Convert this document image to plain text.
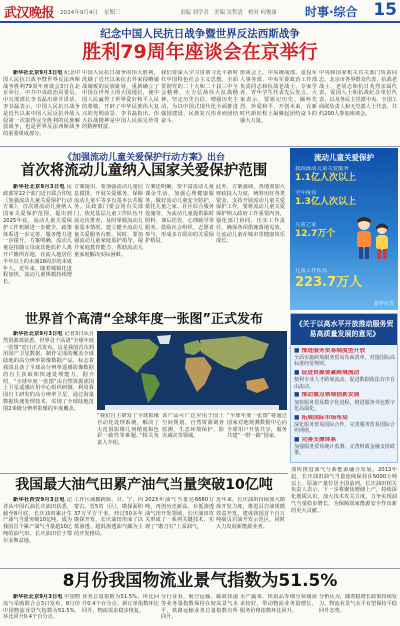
武汉晚报 2024年9月4日　星期三	责编 刘学君　美编 吴哲清　校对 何俊康 时事·综合 15
纪念中国人民抗日战争暨世界反法西斯战争
胜利79周年座谈会在京举行
新华社北京9月3日电 纪念中国人民抗日战争暨世界反法西斯战争胜利79周年座谈会3日在北京举行。中共中央政治局委员、中宣部部长李书磊出席并讲话。李书磊表示，中国人民抗日战争是近代以来中国人民反抗外敌入侵第一次取得完全胜利的民族解放战争，也是世界反法西斯战争的重要组成部分。
中国人民抗日战争的伟大胜利，洗刷了近代以来抗击外来侵略屡战屡败的民族耻辱，重新确立了中国在世界上的大国地位，使中国人民赢得了世界爱好和平人民的尊敬，开辟了中华民族伟大复兴的光明前景。李书磊指出，伟大抗战精神是中国人民弥足珍贵的精神财富。
我们要深入学习贯彻习近平新时代中国特色社会主义思想，全面贯彻党的二十大和二十届三中全会精神，大力弘扬伟大抗战精神，坚定历史自信、增强历史主动，为以中国式现代化全面推进强国建设、民族复兴伟业而团结奋斗。
座谈会上，中央统战部、退役军人事务部、中央军委政治工作部负责同志和抗战老战士、专家学者、青年学生代表先后发言。大家表示，要铭记历史、缅怀先烈、珍爱和平、开创未来，在新时代新征程上凝聚起团结奋斗的强大力量。
中央和国家机关有关部门负责同志，北京市各界群众代表，抗战老战士、老同志和抗日英烈亲属代表，爱国人士和抗战纪念单位代表，以及各民主党派中央、全国工商联负责人和无党派人士代表，共约200人参加座谈会。
《加强流动儿童关爱保护行动方案》出台
首次将流动儿童纳入国家关爱保护范围
新华社北京9月3日电 民政部等22个部门近日联合印发《加强流动儿童关爱保护行动方案》，首次将流动儿童纳入国家关爱保护范围，提出到2025年底，流动儿童关爱保护工作机制进一步健全，政策体系进一步完善，服务能力进一步提升。方案明确，流动儿童是指随父母或其他监护人离开户籍所在地，在流入地居住半年以上的未满18周岁的未成年人。近年来，随着城镇化进程加快，流动儿童规模持续增长。
方案提出，要加强流动儿童信息摸排，开展关爱服务，保障流动儿童平等享有基本公共服务。民政部门要会同有关部门，依托基层儿童工作队伍开展走访排查，及时掌握流动儿童基本情况，建立健全流动儿童关爱服务台账。同时，要加强流动儿童家庭监护指导，提升家庭教育能力，帮助流动儿童家庭解决实际困难。
方案还明确，要丰富流动儿童课余生活，加强心理健康服务，做好流动儿童安全防护，依托儿童之家、社区综合服务设施等，为流动儿童提供临时照料、课后托管、心理疏导等服务。鼓励社会组织、志愿者参与，形成多方联动的关爱保护格局。
此外，方案强调，各地要加大财政投入力度，统筹用好各类资金，支持开展流动儿童关爱保护工作。要将流动儿童关爱保护纳入政府工作重要内容，强化部门协同，压实工作责任，确保各项措施落地见效，让流动儿童在城市里健康快乐成长。
流动儿童关爱保护
我国流动儿童关爱服务
1.1亿人次以上
全年接待
1.3亿人次以上
儿童之家
12.7万个
儿童工作队伍
223.7万人
新华社发
世界首个高清“全球年度一张图”正式发布
新华社北京9月3日电 记者3日从自然资源部获悉，世界首个高清“全球年度一张图”近日正式发布。这是我国首次利用国产卫星数据，制作完成的覆盖全球陆地的高分辨率影像数据产品，标志着我国具备了全球高分辨率遥感影像数据的自主获取和快速处理能力。据介绍，“全球年度一张图”由自然资源部国土卫星遥感应用中心组织研制，利用我国自主研发的高分辨率卫星，通过海量数据快速处理技术，实现了全球陆地范围2米级分辨率影像的年度覆盖。
“我们自主研发了全球影像自动化处理系统，解决了大范围影像几何精度和色彩一致性等难题。”相关负责人介绍。
该产品可广泛应用于国土空间规划、自然资源调查监测、生态环境保护、防灾减灾等领域。
“全球年度一张图”将通过国家对地观测数据中心向全球用户开放共享，服务共建“一带一路”国家。
《关于以高水平开放推动服务贸易高质量发展的意见》
■ 推进服务贸易制度型开放
全面实施跨境服务贸易负面清单，对接国际高标准经贸规则。
■ 促进资源要素跨境流动
便利专业人才跨境流动，促进数据依法有序自由流动。
■ 推动重点领域创新发展
加快服务贸易数字化进程，推进服务外包数字化高端化。
■ 拓展国际市场布局
深化服务贸易国际合作，完善服务贸易国际合作网络。
■ 完善支撑体系
加强服务贸易统计监测，完善财政金融支持政策。
我国最大油气田累产油气当量突破10亿吨
新华社西安9月3日电 记者从中国石油长庆油田获悉，截至8月底，长庆油田累计生产油气当量突破10亿吨，成为我国首个累产油气当量超10亿吨的油气田。长庆油田位于鄂尔多斯盆地。
工作区域横跨陕、甘、宁、内蒙古、晋5省（区），勘探面积37万平方千米。经过50多年勘探开发，长庆油田形成了以低渗透、超低渗透油气藏为主的开发格局。
2023年油气当量达6680万吨，再创历史新高。在低渗透油气田开发领域，长庆油田攻关形成了一系列关键技术，实现了“磨刀石”上采油气。
近年来，长庆油田持续加大勘探开发力度，推进页岩油规模效益开发，建成我国首个百万吨级页岩油开发示范区，同时大力发展新能源业务。
加快推进油气与新能源融合发展。2013年起，长庆油田油气当量连续保持在5000万吨以上，原油产量位居全国前列。长庆油田相关负责人表示，下一步将聚焦增储上产，持续深化地质认识，加大技术攻关力度，力争实现油气当量稳步增长，为保障国家能源安全作出新的更大贡献。
8月份我国物流业景气指数为51.5%
新华社北京9月3日电 中国物流与采购联合会3日发布，8月份中国物流业景气指数为51.5%，环比回升0.4个百分点。
业务总量指数为51.5%，环比回升0.4个百分点；新订单指数环比回升，物流需求稳步恢复。
分行业看，航空运输、邮政快递等业务量指数保持在较高景气水平，铁路运输业务总量指数有所回升。
水产蔬菜、快消品等细分领域需求较好，带动物流业务量增长，服务价格指数环比回升。
分析认为，随着稳增长政策持续发力，物流业景气水平有望保持平稳回升态势。
